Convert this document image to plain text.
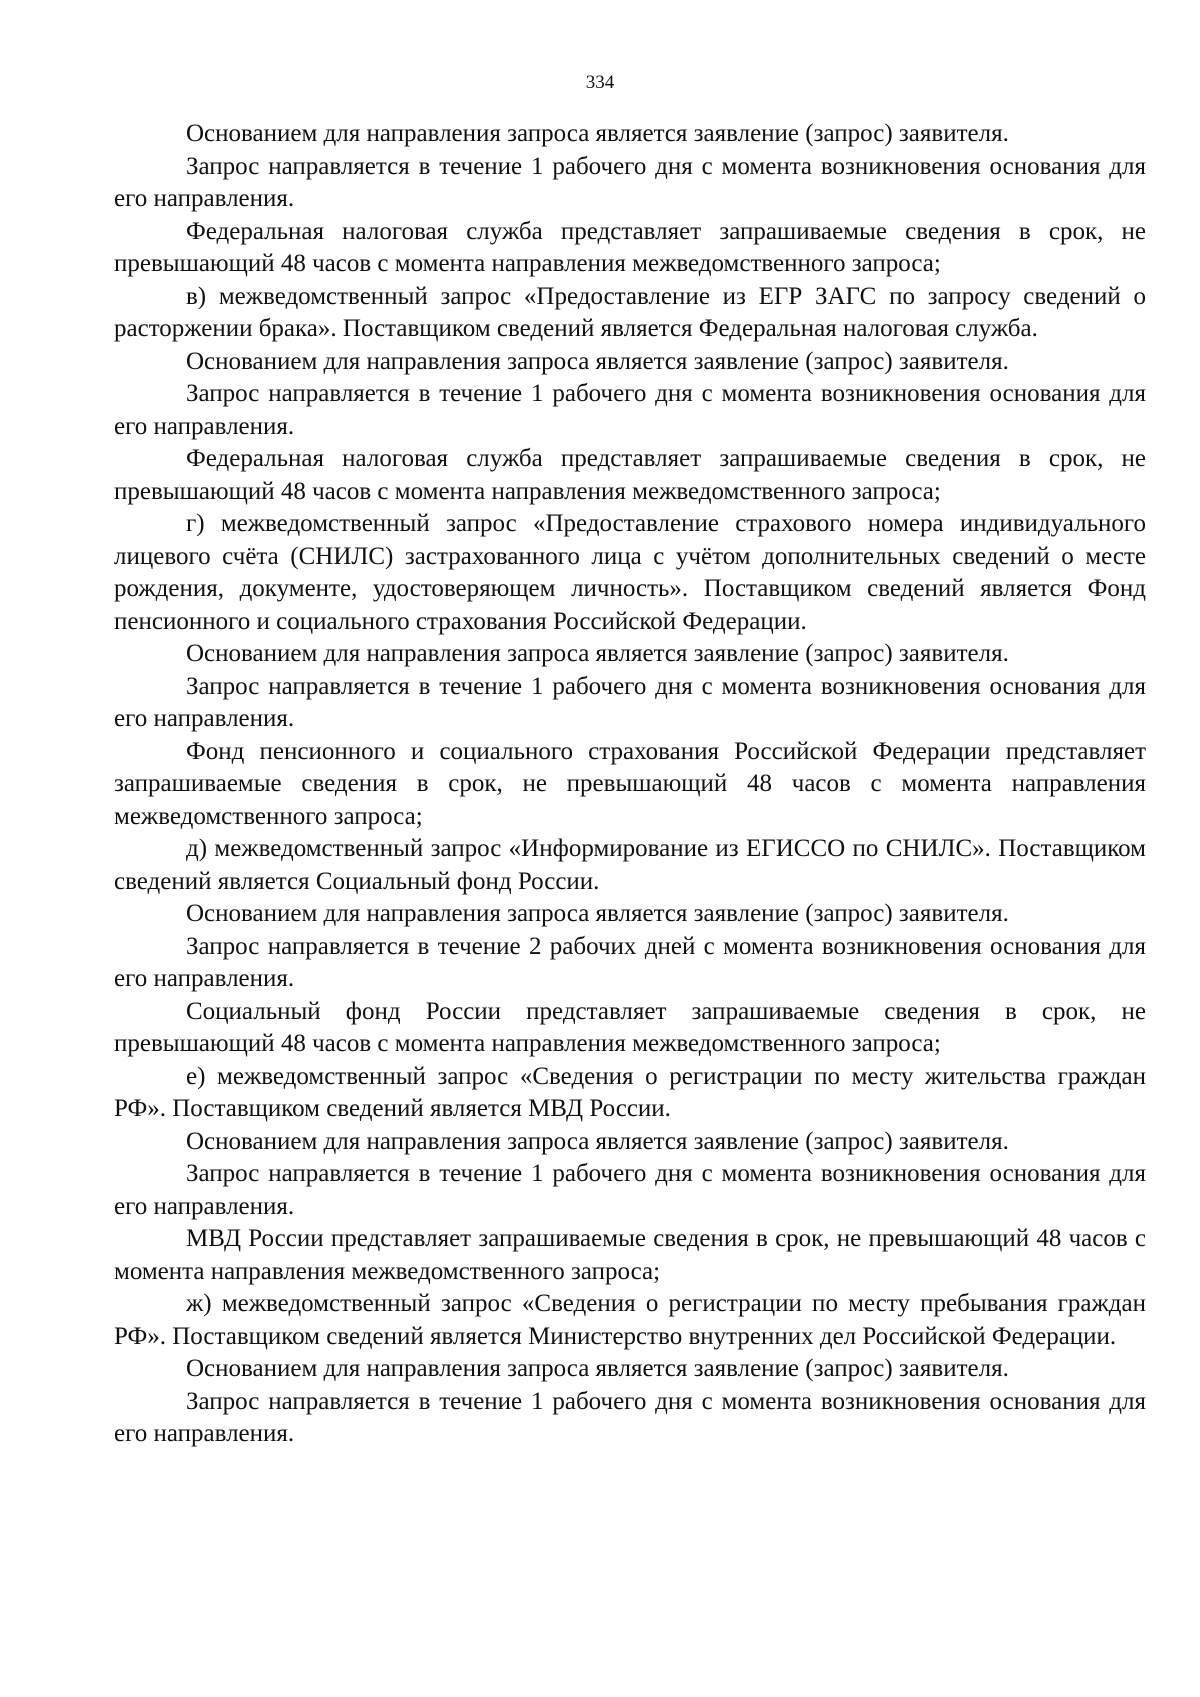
334

Основанием для направления запроса является заявление (запрос) заявителя.

Запрос направляется в течение 1 рабочего дня с момента возникновения основания для его направления.

Федеральная налоговая служба представляет запрашиваемые сведения в срок, не превышающий 48 часов с момента направления межведомственного запроса;

в) межведомственный запрос «Предоставление из ЕГР ЗАГС по запросу сведений о расторжении брака». Поставщиком сведений является Федеральная налоговая служба.

Основанием для направления запроса является заявление (запрос) заявителя.

Запрос направляется в течение 1 рабочего дня с момента возникновения основания для его направления.

Федеральная налоговая служба представляет запрашиваемые сведения в срок, не превышающий 48 часов с момента направления межведомственного запроса;

г) межведомственный запрос «Предоставление страхового номера индивидуального лицевого счёта (СНИЛС) застрахованного лица с учётом дополнительных сведений о месте рождения, документе, удостоверяющем личность». Поставщиком сведений является Фонд пенсионного и социального страхования Российской Федерации.

Основанием для направления запроса является заявление (запрос) заявителя.

Запрос направляется в течение 1 рабочего дня с момента возникновения основания для его направления.

Фонд пенсионного и социального страхования Российской Федерации представляет запрашиваемые сведения в срок, не превышающий 48 часов с момента направления межведомственного запроса;

д) межведомственный запрос «Информирование из ЕГИССО по СНИЛС». Поставщиком сведений является Социальный фонд России.

Основанием для направления запроса является заявление (запрос) заявителя.

Запрос направляется в течение 2 рабочих дней с момента возникновения основания для его направления.

Социальный фонд России представляет запрашиваемые сведения в срок, не превышающий 48 часов с момента направления межведомственного запроса;

е) межведомственный запрос «Сведения о регистрации по месту жительства граждан РФ». Поставщиком сведений является МВД России.

Основанием для направления запроса является заявление (запрос) заявителя.

Запрос направляется в течение 1 рабочего дня с момента возникновения основания для его направления.

МВД России представляет запрашиваемые сведения в срок, не превышающий 48 часов с момента направления межведомственного запроса;

ж) межведомственный запрос «Сведения о регистрации по месту пребывания граждан РФ». Поставщиком сведений является Министерство внутренних дел Российской Федерации.

Основанием для направления запроса является заявление (запрос) заявителя.

Запрос направляется в течение 1 рабочего дня с момента возникновения основания для его направления.
